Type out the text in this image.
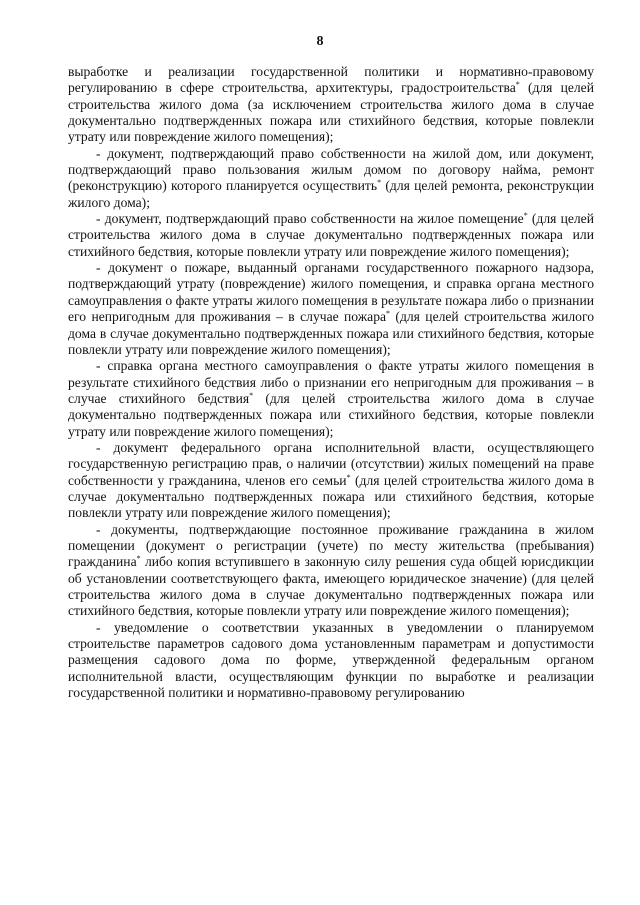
8

выработке и реализации государственной политики и нормативно-правовому регулированию в сфере строительства, архитектуры, градостроительства* (для целей строительства жилого дома (за исключением строительства жилого дома в случае документально подтвержденных пожара или стихийного бедствия, которые повлекли утрату или повреждение жилого помещения);

- документ, подтверждающий право собственности на жилой дом, или документ, подтверждающий право пользования жилым домом по договору найма, ремонт (реконструкцию) которого планируется осуществить* (для целей ремонта, реконструкции жилого дома);

- документ, подтверждающий право собственности на жилое помещение* (для целей строительства жилого дома в случае документально подтвержденных пожара или стихийного бедствия, которые повлекли утрату или повреждение жилого помещения);

- документ о пожаре, выданный органами государственного пожарного надзора, подтверждающий утрату (повреждение) жилого помещения, и справка органа местного самоуправления о факте утраты жилого помещения в результате пожара либо о признании его непригодным для проживания – в случае пожара* (для целей строительства жилого дома в случае документально подтвержденных пожара или стихийного бедствия, которые повлекли утрату или повреждение жилого помещения);

- справка органа местного самоуправления о факте утраты жилого помещения в результате стихийного бедствия либо о признании его непригодным для проживания – в случае стихийного бедствия* (для целей строительства жилого дома в случае документально подтвержденных пожара или стихийного бедствия, которые повлекли утрату или повреждение жилого помещения);

- документ федерального органа исполнительной власти, осуществляющего государственную регистрацию прав, о наличии (отсутствии) жилых помещений на праве собственности у гражданина, членов его семьи* (для целей строительства жилого дома в случае документально подтвержденных пожара или стихийного бедствия, которые повлекли утрату или повреждение жилого помещения);

- документы, подтверждающие постоянное проживание гражданина в жилом помещении (документ о регистрации (учете) по месту жительства (пребывания) гражданина* либо копия вступившего в законную силу решения суда общей юрисдикции об установлении соответствующего факта, имеющего юридическое значение) (для целей строительства жилого дома в случае документально подтвержденных пожара или стихийного бедствия, которые повлекли утрату или повреждение жилого помещения);

- уведомление о соответствии указанных в уведомлении о планируемом строительстве параметров садового дома установленным параметрам и допустимости размещения садового дома по форме, утвержденной федеральным органом исполнительной власти, осуществляющим функции по выработке и реализации государственной политики и нормативно-правовому регулированию
